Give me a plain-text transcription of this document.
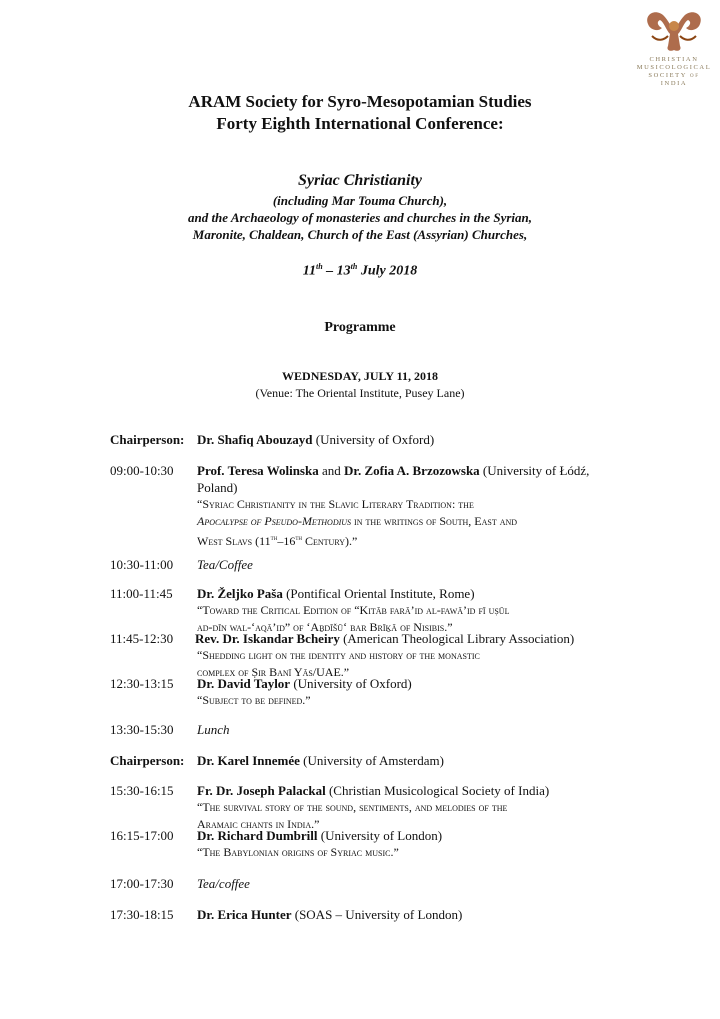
CHRISTIAN
MUSICOLOGICAL
SOCIETY of INDIA
ARAM Society for Syro-Mesopotamian Studies
Forty Eighth International Conference:
Syriac Christianity
(including Mar Touma Church),
and the Archaeology of monasteries and churches in the Syrian,
Maronite, Chaldean, Church of the East (Assyrian) Churches,
11th – 13th July 2018
Programme
WEDNESDAY, JULY 11, 2018
(Venue: The Oriental Institute, Pusey Lane)
Chairperson: Dr. Shafiq Abouzayd (University of Oxford)
09:00-10:30	Prof. Teresa Wolinska and Dr. Zofia A. Brzozowska (University of Łódź, Poland)
“Syriac Christianity in the Slavic Literary Tradition: the
Apocalypse of Pseudo-Methodius in the writings of South, East and
West Slavs (11th–16th Century).”
10:30-11:00	Tea/Coffee
11:00-11:45	Dr. Željko Paša (Pontifical Oriental Institute, Rome)
“Toward the Critical Edition of “Kitāb farā’id al-fawā’id fī uṣūl
ad-dīn wal-‘aqā’id” of ‘Aḇdīšū‘ bar Brīḵā of Nisibis.”
11:45-12:30	Rev. Dr. Iskandar Bcheiry (American Theological Library Association)
“Shedding light on the identity and history of the monastic
complex of Ṣir Banī Yās/UAE.”
12:30-13:15	Dr. David Taylor (University of Oxford)
“Subject to be defined.”
13:30-15:30	Lunch
Chairperson: Dr. Karel Innemée (University of Amsterdam)
15:30-16:15	Fr. Dr. Joseph Palackal (Christian Musicological Society of India)
“The survival story of the sound, sentiments, and melodies of the
Aramaic chants in India.”
16:15-17:00	Dr. Richard Dumbrill (University of London)
“The Babylonian origins of Syriac music.”
17:00-17:30	Tea/coffee
17:30-18:15	Dr. Erica Hunter (SOAS – University of London)
